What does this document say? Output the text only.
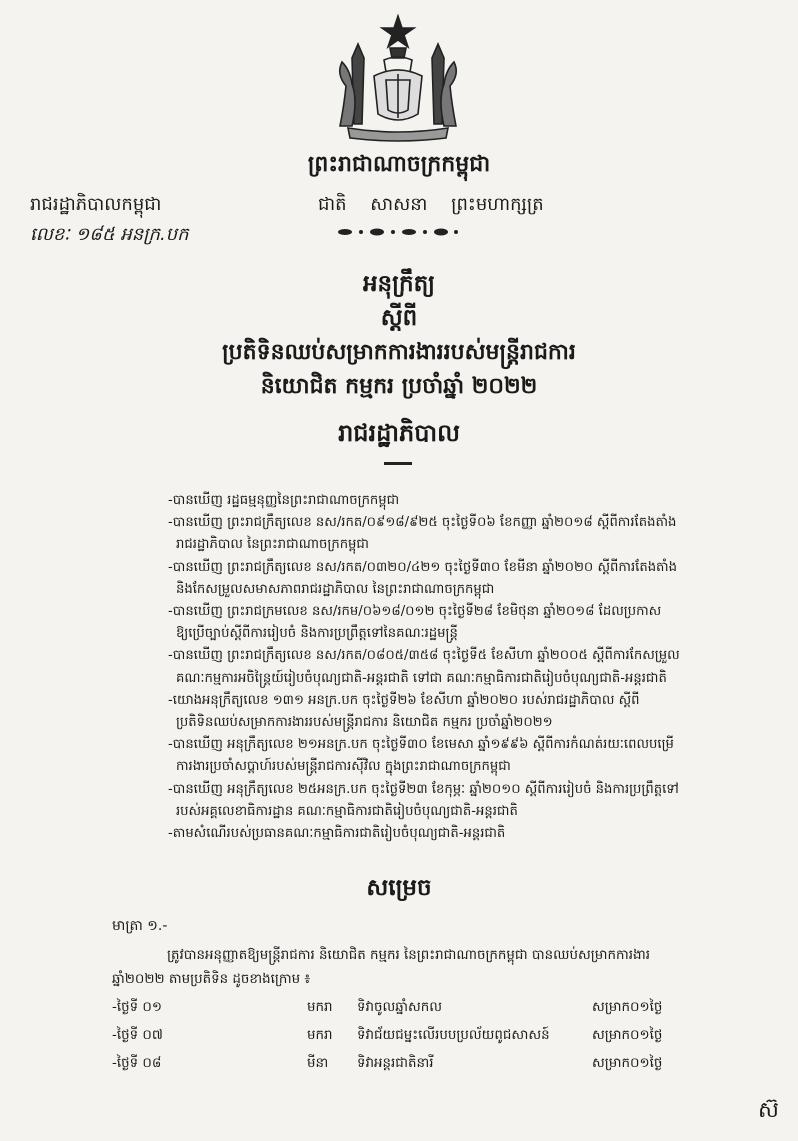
ព្រះរាជាណាចក្រកម្ពុជា
រាជរដ្ឋាភិបាលកម្ពុជា	ជាតិ សាសនា ព្រះមហាក្សត្រ
លេខៈ ១៨៥ អនក្រ.បក
អនុក្រឹត្យ
ស្ដីពី
ប្រតិទិនឈប់សម្រាកការងាររបស់មន្ត្រីរាជការ
និយោជិត កម្មករ ប្រចាំឆ្នាំ ២០២២
រាជរដ្ឋាភិបាល

-បានឃើញ រដ្ឋធម្មនុញ្ញនៃព្រះរាជាណាចក្រកម្ពុជា

-បានឃើញ ព្រះរាជក្រឹត្យលេខ នស/រកត/០៩១៨/៩២៥ ចុះថ្ងៃទី០៦ ខែកញ្ញា ឆ្នាំ២០១៨ ស្តីពីការតែងតាំង

រាជរដ្ឋាភិបាល នៃព្រះរាជាណាចក្រកម្ពុជា

-បានឃើញ ព្រះរាជក្រឹត្យលេខ នស/រកត/០៣២០/៤២១ ចុះថ្ងៃទី៣០ ខែមីនា ឆ្នាំ២០២០ ស្តីពីការតែងតាំង

និងកែសម្រួលសមាសភាពរាជរដ្ឋាភិបាល នៃព្រះរាជាណាចក្រកម្ពុជា

-បានឃើញ ព្រះរាជក្រមលេខ នស/រកម/០៦១៨/០១២ ចុះថ្ងៃទី២៨ ខែមិថុនា ឆ្នាំ២០១៨ ដែលប្រកាស

ឱ្យប្រើច្បាប់ស្តីពីការរៀបចំ និងការប្រព្រឹត្តទៅនៃគណៈរដ្ឋមន្ត្រី

-បានឃើញ ព្រះរាជក្រឹត្យលេខ នស/រកត/០៨០៥/៣៥៨ ចុះថ្ងៃទី៥ ខែសីហា ឆ្នាំ២០០៥ ស្តីពីការកែសម្រួល

គណៈកម្មការអចិន្ត្រៃយ៍រៀបចំបុណ្យជាតិ-អន្តរជាតិ ទៅជា គណៈកម្មាធិការជាតិរៀបចំបុណ្យជាតិ-អន្តរជាតិ

-យោងអនុក្រឹត្យលេខ ១៣១ អនក្រ.បក ចុះថ្ងៃទី២៦ ខែសីហា ឆ្នាំ២០២០ របស់រាជរដ្ឋាភិបាល ស្តីពី

ប្រតិទិនឈប់សម្រាកការងាររបស់មន្ត្រីរាជការ និយោជិត កម្មករ ប្រចាំឆ្នាំ២០២១

-បានឃើញ អនុក្រឹត្យលេខ ២១អនក្រ.បក ចុះថ្ងៃទី៣០ ខែមេសា ឆ្នាំ១៩៩៦ ស្តីពីការកំណត់រយៈពេលបម្រើ

ការងារប្រចាំសប្តាហ៍របស់មន្ត្រីរាជការស៊ីវិល ក្នុងព្រះរាជាណាចក្រកម្ពុជា

-បានឃើញ អនុក្រឹត្យលេខ ២៥អនក្រ.បក ចុះថ្ងៃទី២៣ ខែកុម្ភៈ ឆ្នាំ២០១០ ស្តីពីការរៀបចំ និងការប្រព្រឹត្តទៅ

របស់អគ្គលេខាធិការដ្ឋាន គណៈកម្មាធិការជាតិរៀបចំបុណ្យជាតិ-អន្តរជាតិ

-តាមសំណើរបស់ប្រធានគណៈកម្មាធិការជាតិរៀបចំបុណ្យជាតិ-អន្តរជាតិ

សម្រេច
មាត្រា ១.-

ត្រូវបានអនុញ្ញាតឱ្យមន្ត្រីរាជការ និយោជិត កម្មករ នៃព្រះរាជាណាចក្រកម្ពុជា បានឈប់សម្រាកការងារ

ឆ្នាំ២០២២ តាមប្រតិទិន ដូចខាងក្រោម ៖

-ថ្ងៃទី ០១	មករា ទិវាចូលឆ្នាំសកល	សម្រាក០១ថ្ងៃ
-ថ្ងៃទី ០៧	មករា ទិវាជ័យជម្នះលើរបបប្រល័យពូជសាសន៍	សម្រាក០១ថ្ងៃ
-ថ្ងៃទី ០៨	មីនា ទិវាអន្តរជាតិនារី	សម្រាក០១ថ្ងៃ
ស៊
